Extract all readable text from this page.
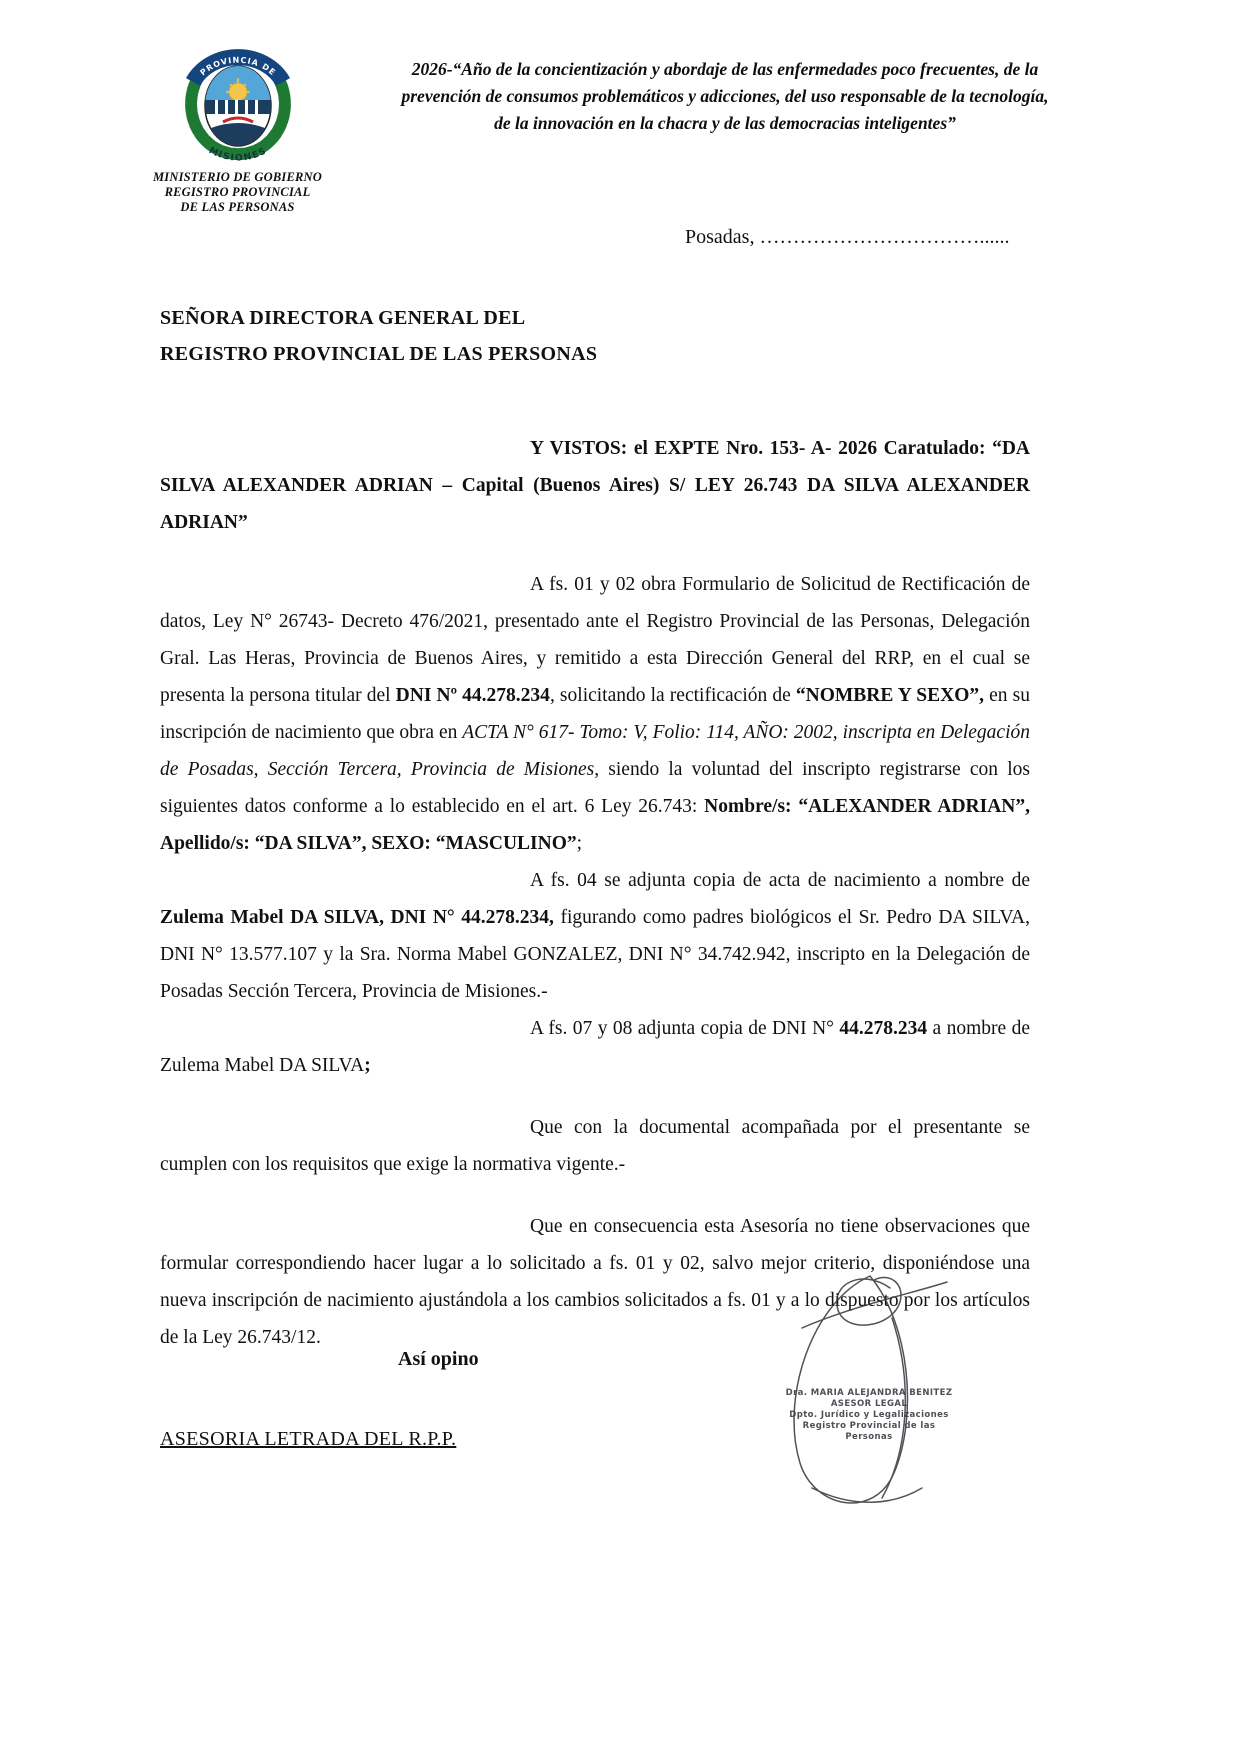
PROVINCIA DE
MISIONES
MINISTERIO DE GOBIERNO
REGISTRO PROVINCIAL
DE LAS PERSONAS
2026-“Año de la concientización y abordaje de las enfermedades poco frecuentes, de la
prevención de consumos problemáticos y adicciones, del uso responsable de la tecnología,
de la innovación en la chacra y de las democracias inteligentes”
Posadas, ……………………………......
SEÑORA DIRECTORA GENERAL DEL
REGISTRO PROVINCIAL DE LAS PERSONAS

Y VISTOS: el EXPTE Nro. 153- A- 2026 Caratulado: “DA SILVA ALEXANDER ADRIAN – Capital (Buenos Aires) S/ LEY 26.743 DA SILVA ALEXANDER ADRIAN”

A fs. 01 y 02 obra Formulario de Solicitud de Rectificación de datos, Ley N° 26743- Decreto 476/2021, presentado ante el Registro Provincial de las Personas, Delegación Gral. Las Heras, Provincia de Buenos Aires, y remitido a esta Dirección General del RRP, en el cual se presenta la persona titular del DNI Nº 44.278.234, solicitando la rectificación de “NOMBRE Y SEXO”, en su inscripción de nacimiento que obra en ACTA N° 617- Tomo: V, Folio: 114, AÑO: 2002, inscripta en Delegación de Posadas, Sección Tercera, Provincia de Misiones, siendo la voluntad del inscripto registrarse con los siguientes datos conforme a lo establecido en el art. 6 Ley 26.743: Nombre/s: “ALEXANDER ADRIAN”, Apellido/s: “DA SILVA”, SEXO: “MASCULINO”;

A fs. 04 se adjunta copia de acta de nacimiento a nombre de Zulema Mabel DA SILVA, DNI N° 44.278.234, figurando como padres biológicos el Sr. Pedro DA SILVA, DNI N° 13.577.107 y la Sra. Norma Mabel GONZALEZ, DNI N° 34.742.942, inscripto en la Delegación de Posadas Sección Tercera, Provincia de Misiones.-

A fs. 07 y 08 adjunta copia de DNI N° 44.278.234 a nombre de Zulema Mabel DA SILVA;

Que con la documental acompañada por el presentante se cumplen con los requisitos que exige la normativa vigente.-

Que en consecuencia esta Asesoría no tiene observaciones que formular correspondiendo hacer lugar a lo solicitado a fs. 01 y 02, salvo mejor criterio, disponiéndose una nueva inscripción de nacimiento ajustándola a los cambios solicitados a fs. 01 y a lo dispuesto por los artículos de la Ley 26.743/12.

Así opino
ASESORIA LETRADA DEL R.P.P.
Dra. MARIA ALEJANDRA BENITEZ
ASESOR LEGAL
Dpto. Jurídico y Legalizaciones
Registro Provincial de las Personas
